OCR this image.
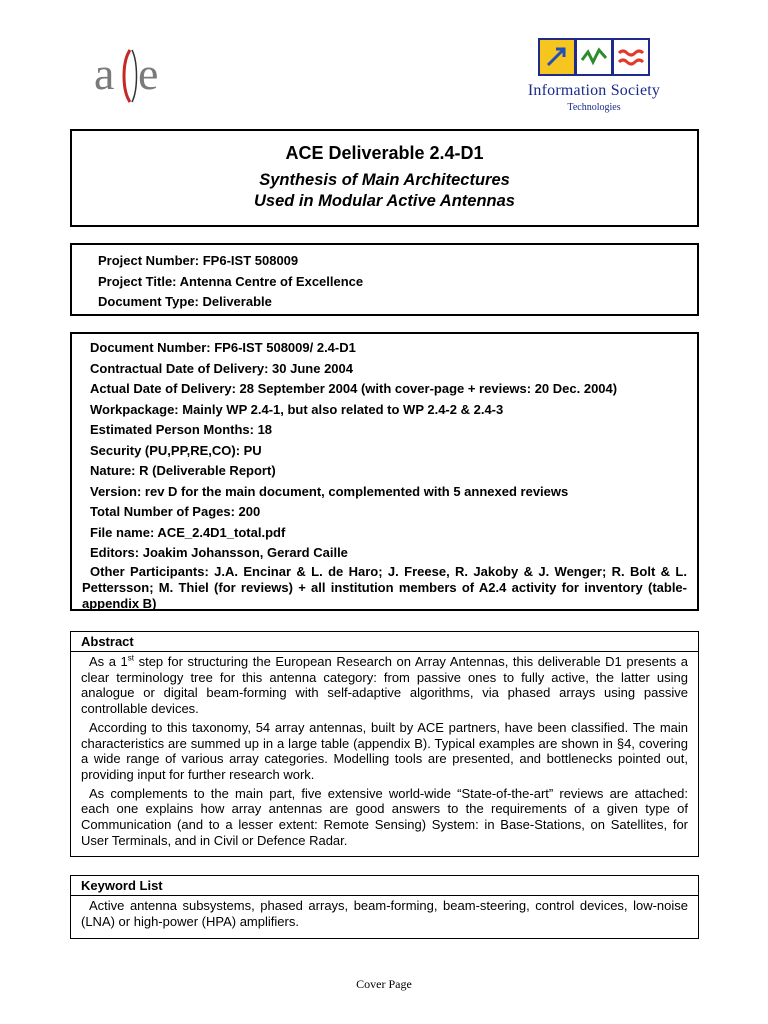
a e	Information Society
Technologies
ACE Deliverable 2.4-D1
Synthesis of Main Architectures
Used in Modular Active Antennas
Project Number: FP6-IST 508009
Project Title: Antenna Centre of Excellence
Document Type: Deliverable
Document Number: FP6-IST 508009/ 2.4-D1
Contractual Date of Delivery: 30 June 2004
Actual Date of Delivery: 28 September 2004 (with cover-page + reviews: 20 Dec. 2004)
Workpackage: Mainly WP 2.4-1, but also related to WP 2.4-2 & 2.4-3
Estimated Person Months: 18
Security (PU,PP,RE,CO): PU
Nature: R (Deliverable Report)
Version: rev D for the main document, complemented with 5 annexed reviews
Total Number of Pages: 200
File name: ACE_2.4D1_total.pdf
Editors: Joakim Johansson, Gerard Caille
Other Participants: J.A. Encinar & L. de Haro; J. Freese, R. Jakoby & J. Wenger; R. Bolt & L. Pettersson; M. Thiel (for reviews) + all institution members of A2.4 activity for inventory (table-appendix B)
Abstract

As a 1st step for structuring the European Research on Array Antennas, this deliverable D1 presents a clear terminology tree for this antenna category: from passive ones to fully active, the latter using analogue or digital beam-forming with self-adaptive algorithms, via phased arrays using passive controllable devices.

According to this taxonomy, 54 array antennas, built by ACE partners, have been classified. The main characteristics are summed up in a large table (appendix B). Typical examples are shown in §4, covering a wide range of various array categories. Modelling tools are presented, and bottlenecks pointed out, providing input for further research work.

As complements to the main part, five extensive world-wide “State-of-the-art” reviews are attached: each one explains how array antennas are good answers to the requirements of a given type of Communication (and to a lesser extent: Remote Sensing) System: in Base-Stations, on Satellites, for User Terminals, and in Civil or Defence Radar.

Keyword List

Active antenna subsystems, phased arrays, beam-forming, beam-steering, control devices, low-noise (LNA) or high-power (HPA) amplifiers.

Cover Page
